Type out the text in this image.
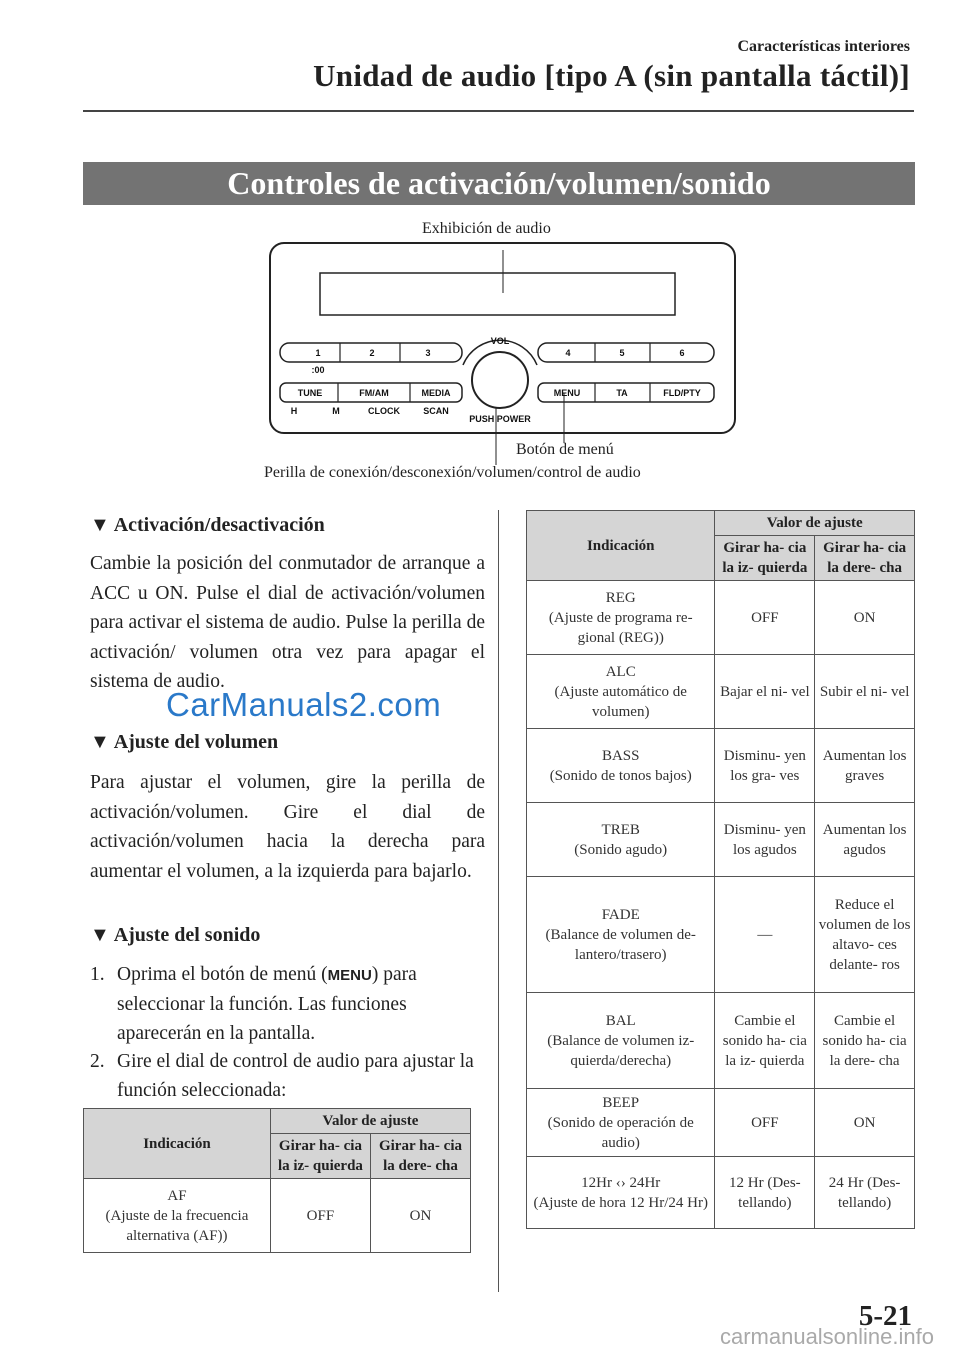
Características interiores
Unidad de audio [tipo A (sin pantalla táctil)]
Controles de activación/volumen/sonido
VOL
PUSH POWER
1	2	3	4	5	6
:00
TUNE	FM/AM	MEDIA	MENU	TA	FLD/PTY
H	M	CLOCK	SCAN
Exhibición de audio
Botón de menú
Perilla de conexión/desconexión/volumen/control de audio
▼ Activación/desactivación
Cambie la posición del conmutador de arranque a ACC u ON. Pulse el dial de activación/volumen para activar el sistema de audio. Pulse la perilla de activación/ volumen otra vez para apagar el sistema de audio.
CarManuals2.com
▼ Ajuste del volumen
Para ajustar el volumen, gire la perilla de activación/volumen. Gire el dial de activación/volumen hacia la derecha para aumentar el volumen, a la izquierda para bajarlo.
▼ Ajuste del sonido
1. Oprima el botón de menú (MENU) para seleccionar la función. Las funciones aparecerán en la pantalla.
2. Gire el dial de control de audio para ajustar la función seleccionada:
Indicación	Valor de ajuste	
	Girar ha- cia la iz- quierda	Girar ha- cia la dere- cha
AF
(Ajuste de la frecuencia alternativa (AF))	OFF	ON
Indicación	Valor de ajuste	
	Girar ha- cia la iz- quierda	Girar ha- cia la dere- cha
REG
(Ajuste de programa re- gional (REG))	OFF	ON
ALC
(Ajuste automático de volumen)	Bajar el ni- vel	Subir el ni- vel
BASS
(Sonido de tonos bajos)	Disminu- yen los gra- ves	Aumentan los graves
TREB
(Sonido agudo)	Disminu- yen los agudos	Aumentan los agudos
FADE
(Balance de volumen de- lantero/trasero)	—	Reduce el volumen de los altavo- ces delante- ros
BAL
(Balance de volumen iz- quierda/derecha)	Cambie el sonido ha- cia la iz- quierda	Cambie el sonido ha- cia la dere- cha
BEEP
(Sonido de operación de audio)	OFF	ON
12Hr ‹› 24Hr
(Ajuste de hora 12 Hr/24 Hr)	12 Hr (Des- tellando)	24 Hr (Des- tellando)
5-21
carmanualsonline.info
